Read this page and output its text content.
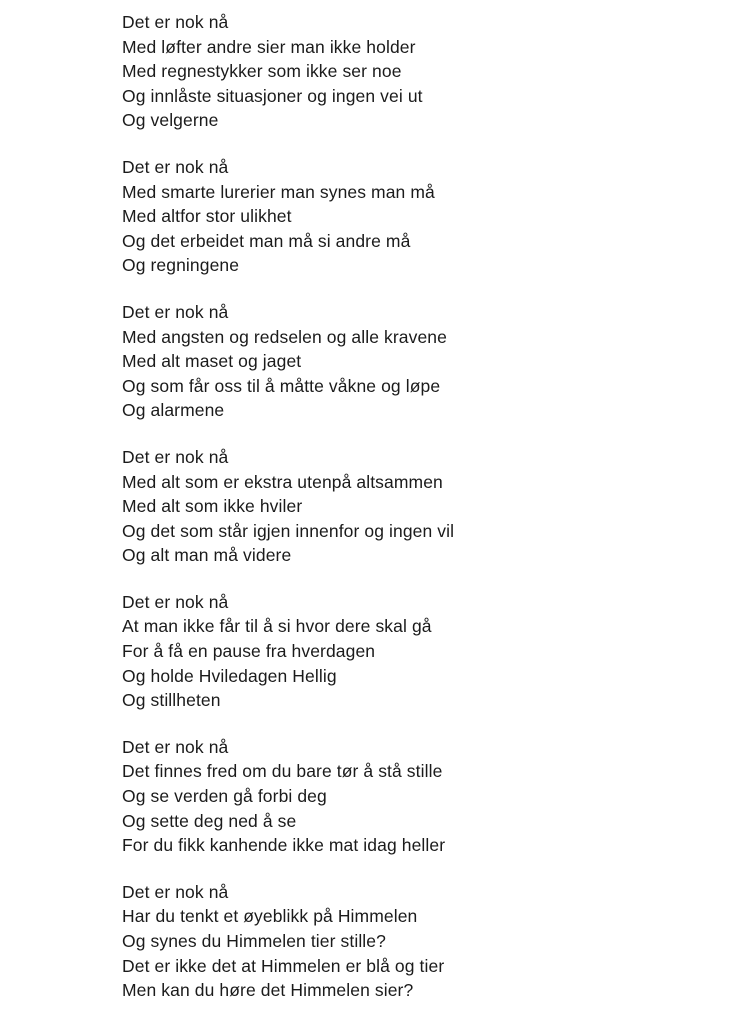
Det er nok nå
Med løfter andre sier man ikke holder
Med regnestykker som ikke ser noe
Og innlåste situasjoner og ingen vei ut
Og velgerne
Det er nok nå
Med smarte lurerier man synes man må
Med altfor stor ulikhet
Og det erbeidet man må si andre må
Og regningene
Det er nok nå
Med angsten og redselen og alle kravene
Med alt maset og jaget
Og som får oss til å måtte våkne og løpe
Og alarmene
Det er nok nå
Med alt som er ekstra utenpå altsammen
Med alt som ikke hviler
Og det som står igjen innenfor og ingen vil
Og alt man må videre
Det er nok nå
At man ikke får til å si hvor dere skal gå
For å få en pause fra hverdagen
Og holde Hviledagen Hellig
Og stillheten
Det er nok nå
Det finnes fred om du bare tør å stå stille
Og se verden gå forbi deg
Og sette deg ned å se
For du fikk kanhende ikke mat idag heller
Det er nok nå
Har du tenkt et øyeblikk på Himmelen
Og synes du Himmelen tier stille?
Det er ikke det at Himmelen er blå og tier
Men kan du høre det Himmelen sier?
